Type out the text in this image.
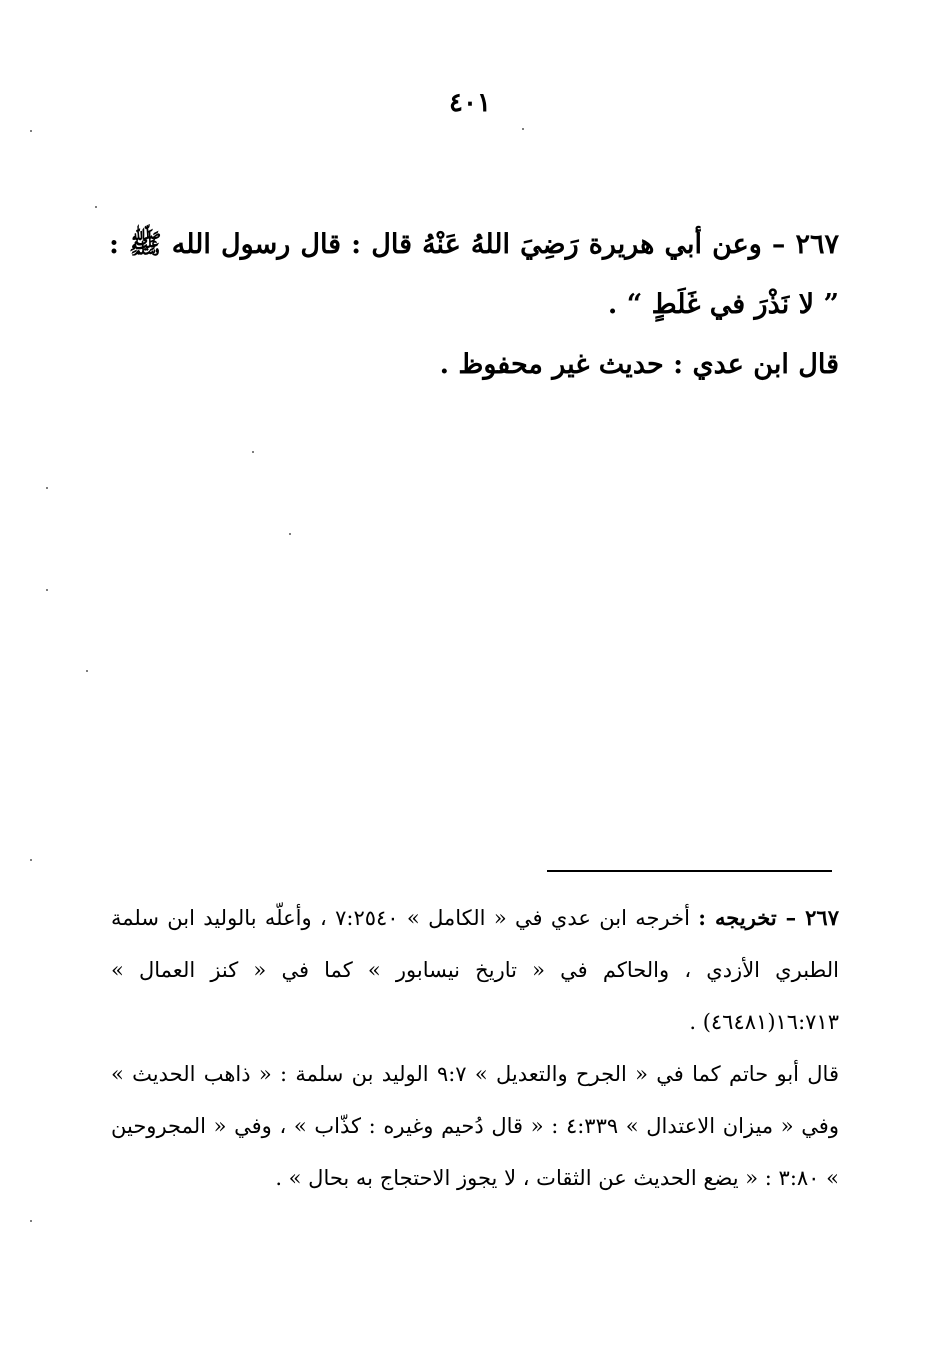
٤٠١

٢٦٧ – وعن أبي هريرة رَضِيَ اللهُ عَنْهُ قال : قال رسول الله ﷺ : ” لا نَذْرَ في غَلَطٍ “ .

قال ابن عدي : حديث غير محفوظ .

٢٦٧ – تخريجه : أخرجه ابن عدي في « الكامل » ٧:٢٥٤٠ ، وأعلّه بالوليد ابن سلمة الطبري الأزدي ، والحاكم في « تاريخ نيسابور » كما في « كنز العمال » ١٦:٧١٣(٤٦٤٨١) .

قال أبو حاتم كما في « الجرح والتعديل » ٩:٧ الوليد بن سلمة : « ذاهب الحديث » وفي « ميزان الاعتدال » ٤:٣٣٩ : « قال دُحيم وغيره : كذّاب » ، وفي « المجروحين » ٣:٨٠ : « يضع الحديث عن الثقات ، لا يجوز الاحتجاج به بحال » .
